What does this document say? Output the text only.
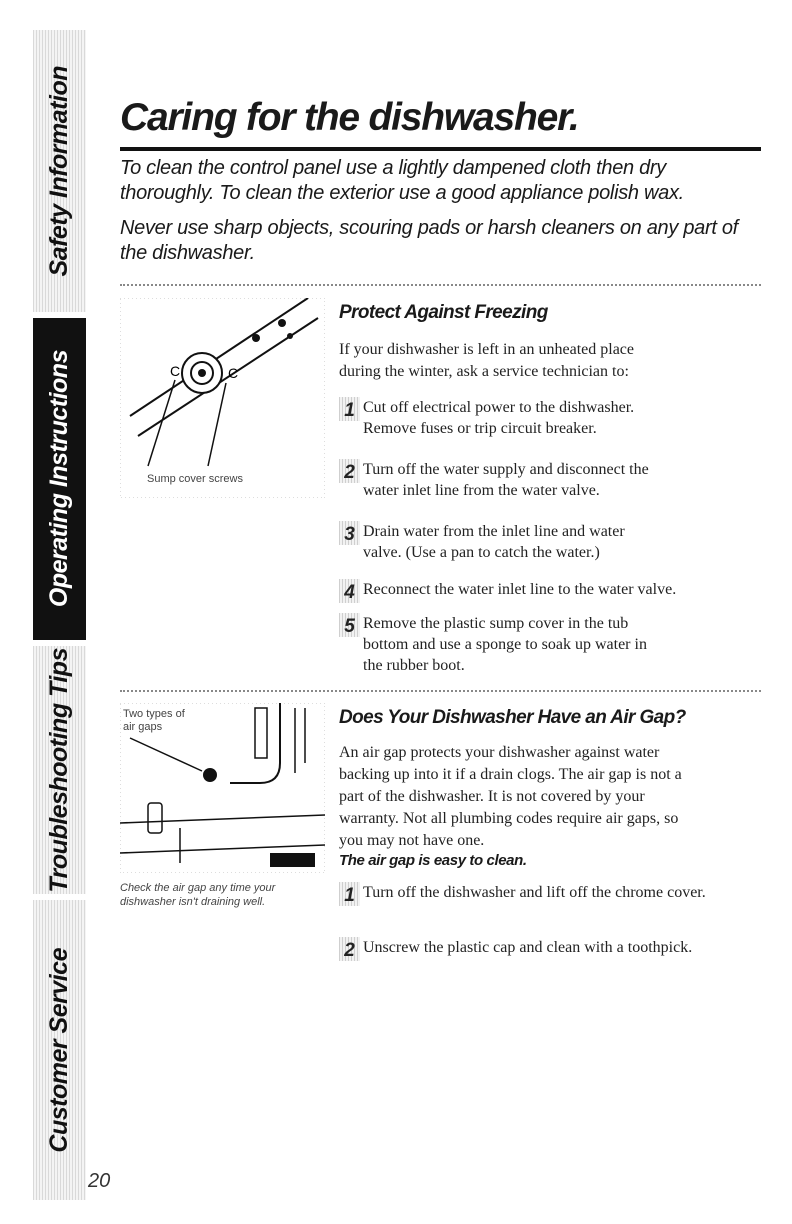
Safety Information
Operating Instructions
Troubleshooting Tips
Customer Service
20
Caring for the dishwasher.

To clean the control panel use a lightly dampened cloth then dry thoroughly. To clean the exterior use a good appliance polish wax.

Never use sharp objects, scouring pads or harsh cleaners on any part of the dishwasher.

C	C
Sump cover screws
Protect Against Freezing
If your dishwasher is left in an unheated place during the winter, ask a service technician to:
1 Cut off electrical power to the dishwasher. Remove fuses or trip circuit breaker.
2 Turn off the water supply and disconnect the water inlet line from the water valve.
3 Drain water from the inlet line and water valve. (Use a pan to catch the water.)
4 Reconnect the water inlet line to the water valve.
5 Remove the plastic sump cover in the tub bottom and use a sponge to soak up water in the rubber boot.
Two types of air gaps
Check the air gap any time your dishwasher isn't draining well.
Does Your Dishwasher Have an Air Gap?
An air gap protects your dishwasher against water backing up into it if a drain clogs. The air gap is not a part of the dishwasher. It is not covered by your warranty. Not all plumbing codes require air gaps, so you may not have one.
The air gap is easy to clean.
1 Turn off the dishwasher and lift off the chrome cover.
2 Unscrew the plastic cap and clean with a toothpick.
